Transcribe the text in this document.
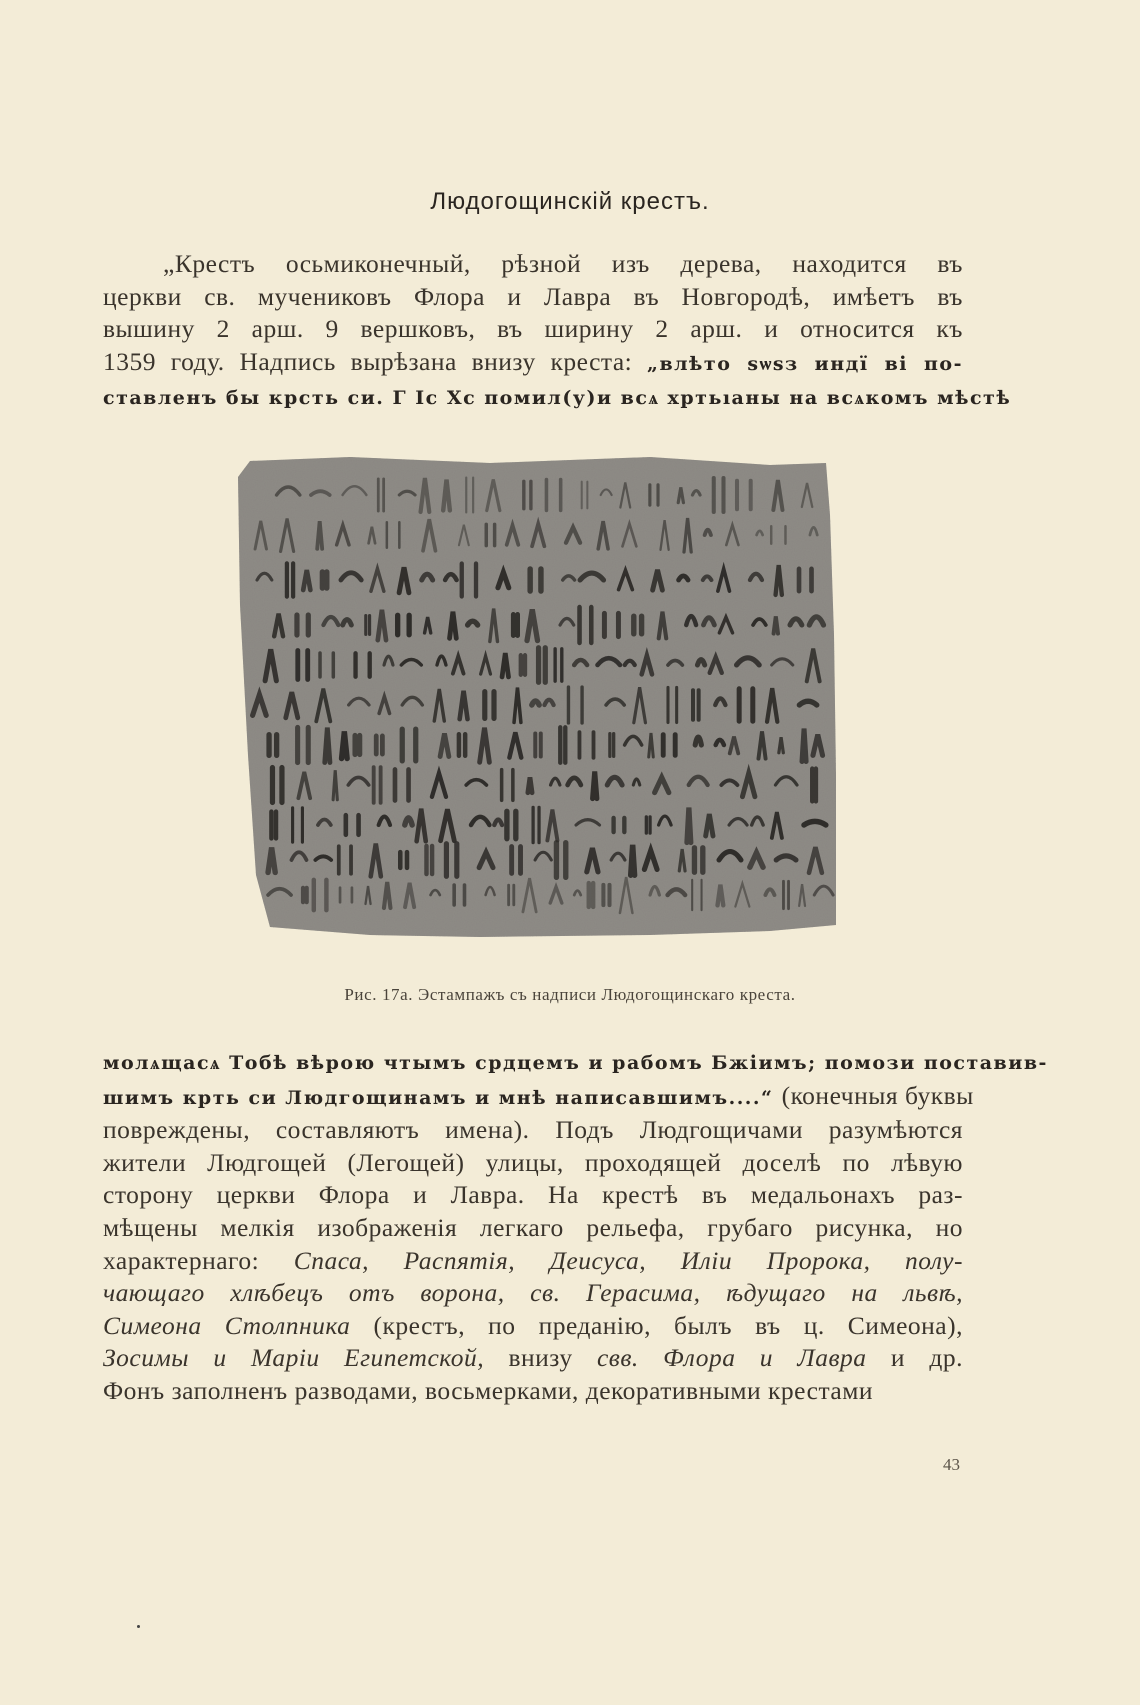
Людогощинскій крестъ.
„Крестъ осьмиконечный, рѣзной изъ дерева, находится въ
церкви св. мучениковъ Флора и Лавра въ Новгородѣ, имѣетъ въ
вышину 2 арш. 9 вершковъ, въ ширину 2 арш. и относится къ
1359 году. Надпись вырѣзана внизу креста: „влѣто ѕѡѕз индї ві по-
ставленъ бы крсть си. Г Іс Хс помил(у)и всѧ хртьıаны на всѧкомъ мѣстѣ
Рис. 17а. Эстампажъ съ надписи Людогощинскаго креста.
молѧщасѧ Тобѣ вѣрою чтымъ срдцемъ и рабомъ Бжіимъ; помози поставив-
шимъ крть си Людгощинамъ и мнѣ написавшимъ....“ (конечныя буквы
повреждены, составляютъ имена). Подъ Людгощичами разумѣются
жители Людгощей (Легощей) улицы, проходящей доселѣ по лѣвую
сторону церкви Флора и Лавра. На крестѣ въ медальонахъ раз-
мѣщены мелкія изображенія легкаго рельефа, грубаго рисунка, но
характернаго: Спаса, Распятія, Деисуса, Иліи Пророка, полу-
чающаго хлѣбецъ отъ ворона, св. Герасима, ѣдущаго на львѣ,
Симеона Столпника (крестъ, по преданію, былъ въ ц. Симеона),
Зосимы и Маріи Египетской, внизу свв. Флора и Лавра и др.
Фонъ заполненъ разводами, восьмерками, декоративными крестами
43
